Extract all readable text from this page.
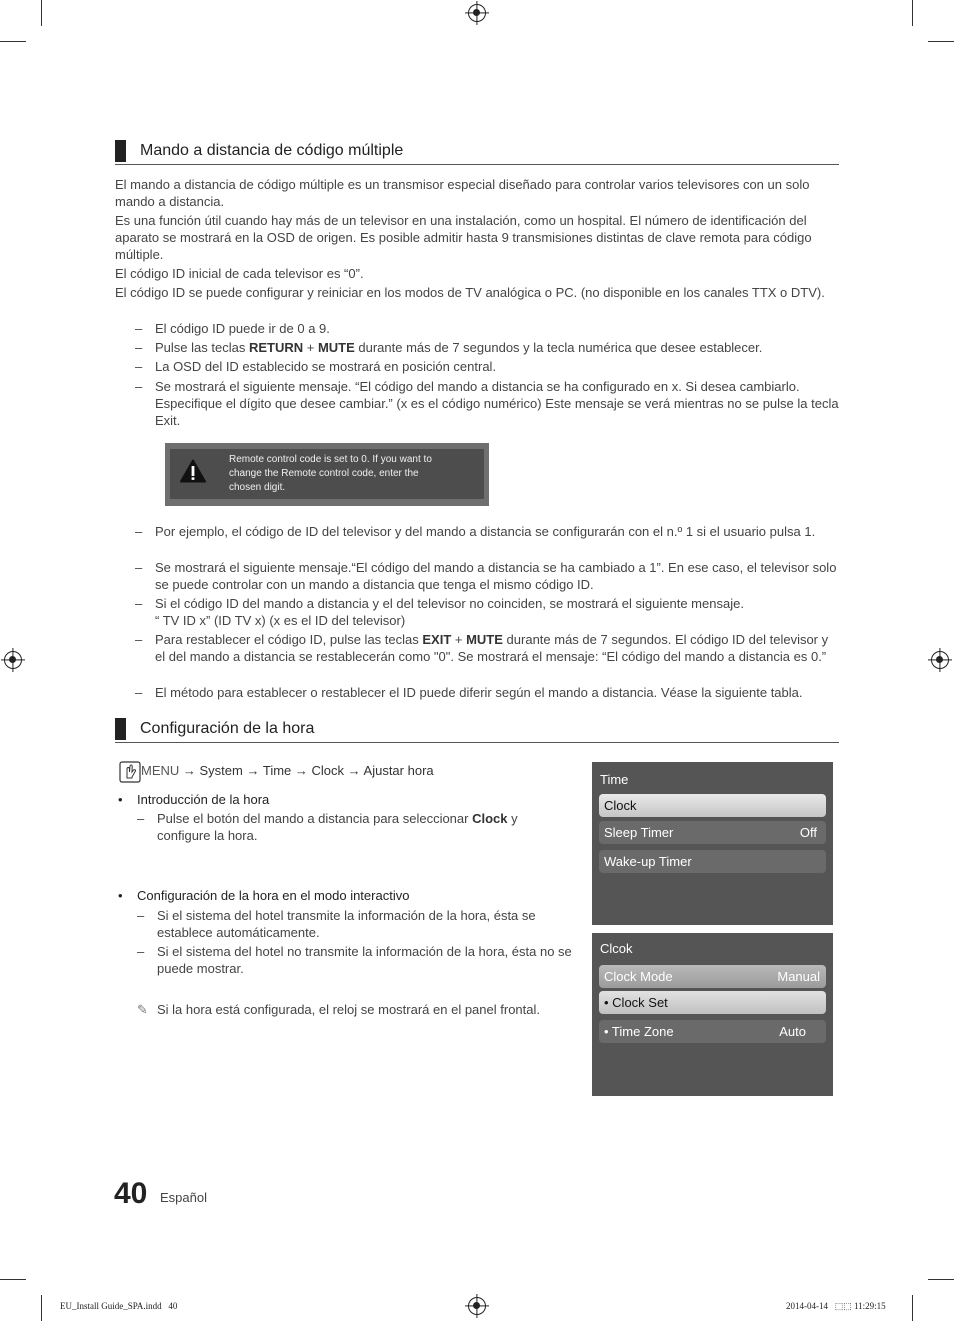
Mando a distancia de código múltiple

El mando a distancia de código múltiple es un transmisor especial diseñado para controlar varios televisores con un solo mando a distancia.

Es una función útil cuando hay más de un televisor en una instalación, como un hospital. El número de identificación del aparato se mostrará en la OSD de origen. Es posible admitir hasta 9 transmisiones distintas de clave remota para código múltiple.

El código ID inicial de cada televisor es “0”.

El código ID se puede configurar y reiniciar en los modos de TV analógica o PC. (no disponible en los canales TTX o DTV).

– El código ID puede ir de 0 a 9.
– Pulse las teclas RETURN + MUTE durante más de 7 segundos y la tecla numérica que desee establecer.
– La OSD del ID establecido se mostrará en posición central.
– Se mostrará el siguiente mensaje. “El código del mando a distancia se ha configurado en x. Si desea cambiarlo. Especifique el dígito que desee cambiar.” (x es el código numérico) Este mensaje se verá mientras no se pulse la tecla Exit.
Remote control code is set to 0. If you want to change the Remote control code, enter the chosen digit.
– Por ejemplo, el código de ID del televisor y del mando a distancia se configurarán con el n.º 1 si el usuario pulsa 1.
– Se mostrará el siguiente mensaje.“El código del mando a distancia se ha cambiado a 1”. En ese caso, el televisor solo se puede controlar con un mando a distancia que tenga el mismo código ID.
– Si el código ID del mando a distancia y el del televisor no coinciden, se mostrará el siguiente mensaje.
“ TV ID x” (ID TV x) (x es el ID del televisor)
– Para restablecer el código ID, pulse las teclas EXIT + MUTE durante más de 7 segundos. El código ID del televisor y el del mando a distancia se restablecerán como "0". Se mostrará el mensaje: “El código del mando a distancia es 0.”
– El método para establecer o restablecer el ID puede diferir según el mando a distancia. Véase la siguiente tabla.
Configuración de la hora
MENU → System → Time → Clock → Ajustar hora
• Introducción de la hora
– Pulse el botón del mando a distancia para seleccionar Clock y configure la hora.
• Configuración de la hora en el modo interactivo
– Si el sistema del hotel transmite la información de la hora, ésta se establece automáticamente.
– Si el sistema del hotel no transmite la información de la hora, ésta no se puede mostrar.
✎ Si la hora está configurada, el reloj se mostrará en el panel frontal.
Time
Clock
Sleep Timer	Off
Wake-up Timer
Clcok
Clock Mode	Manual
• Clock Set
• Time Zone	Auto
40 Español
EU_Install Guide_SPA.indd   40	2014-04-14   ⬚⬚ 11:29:15
